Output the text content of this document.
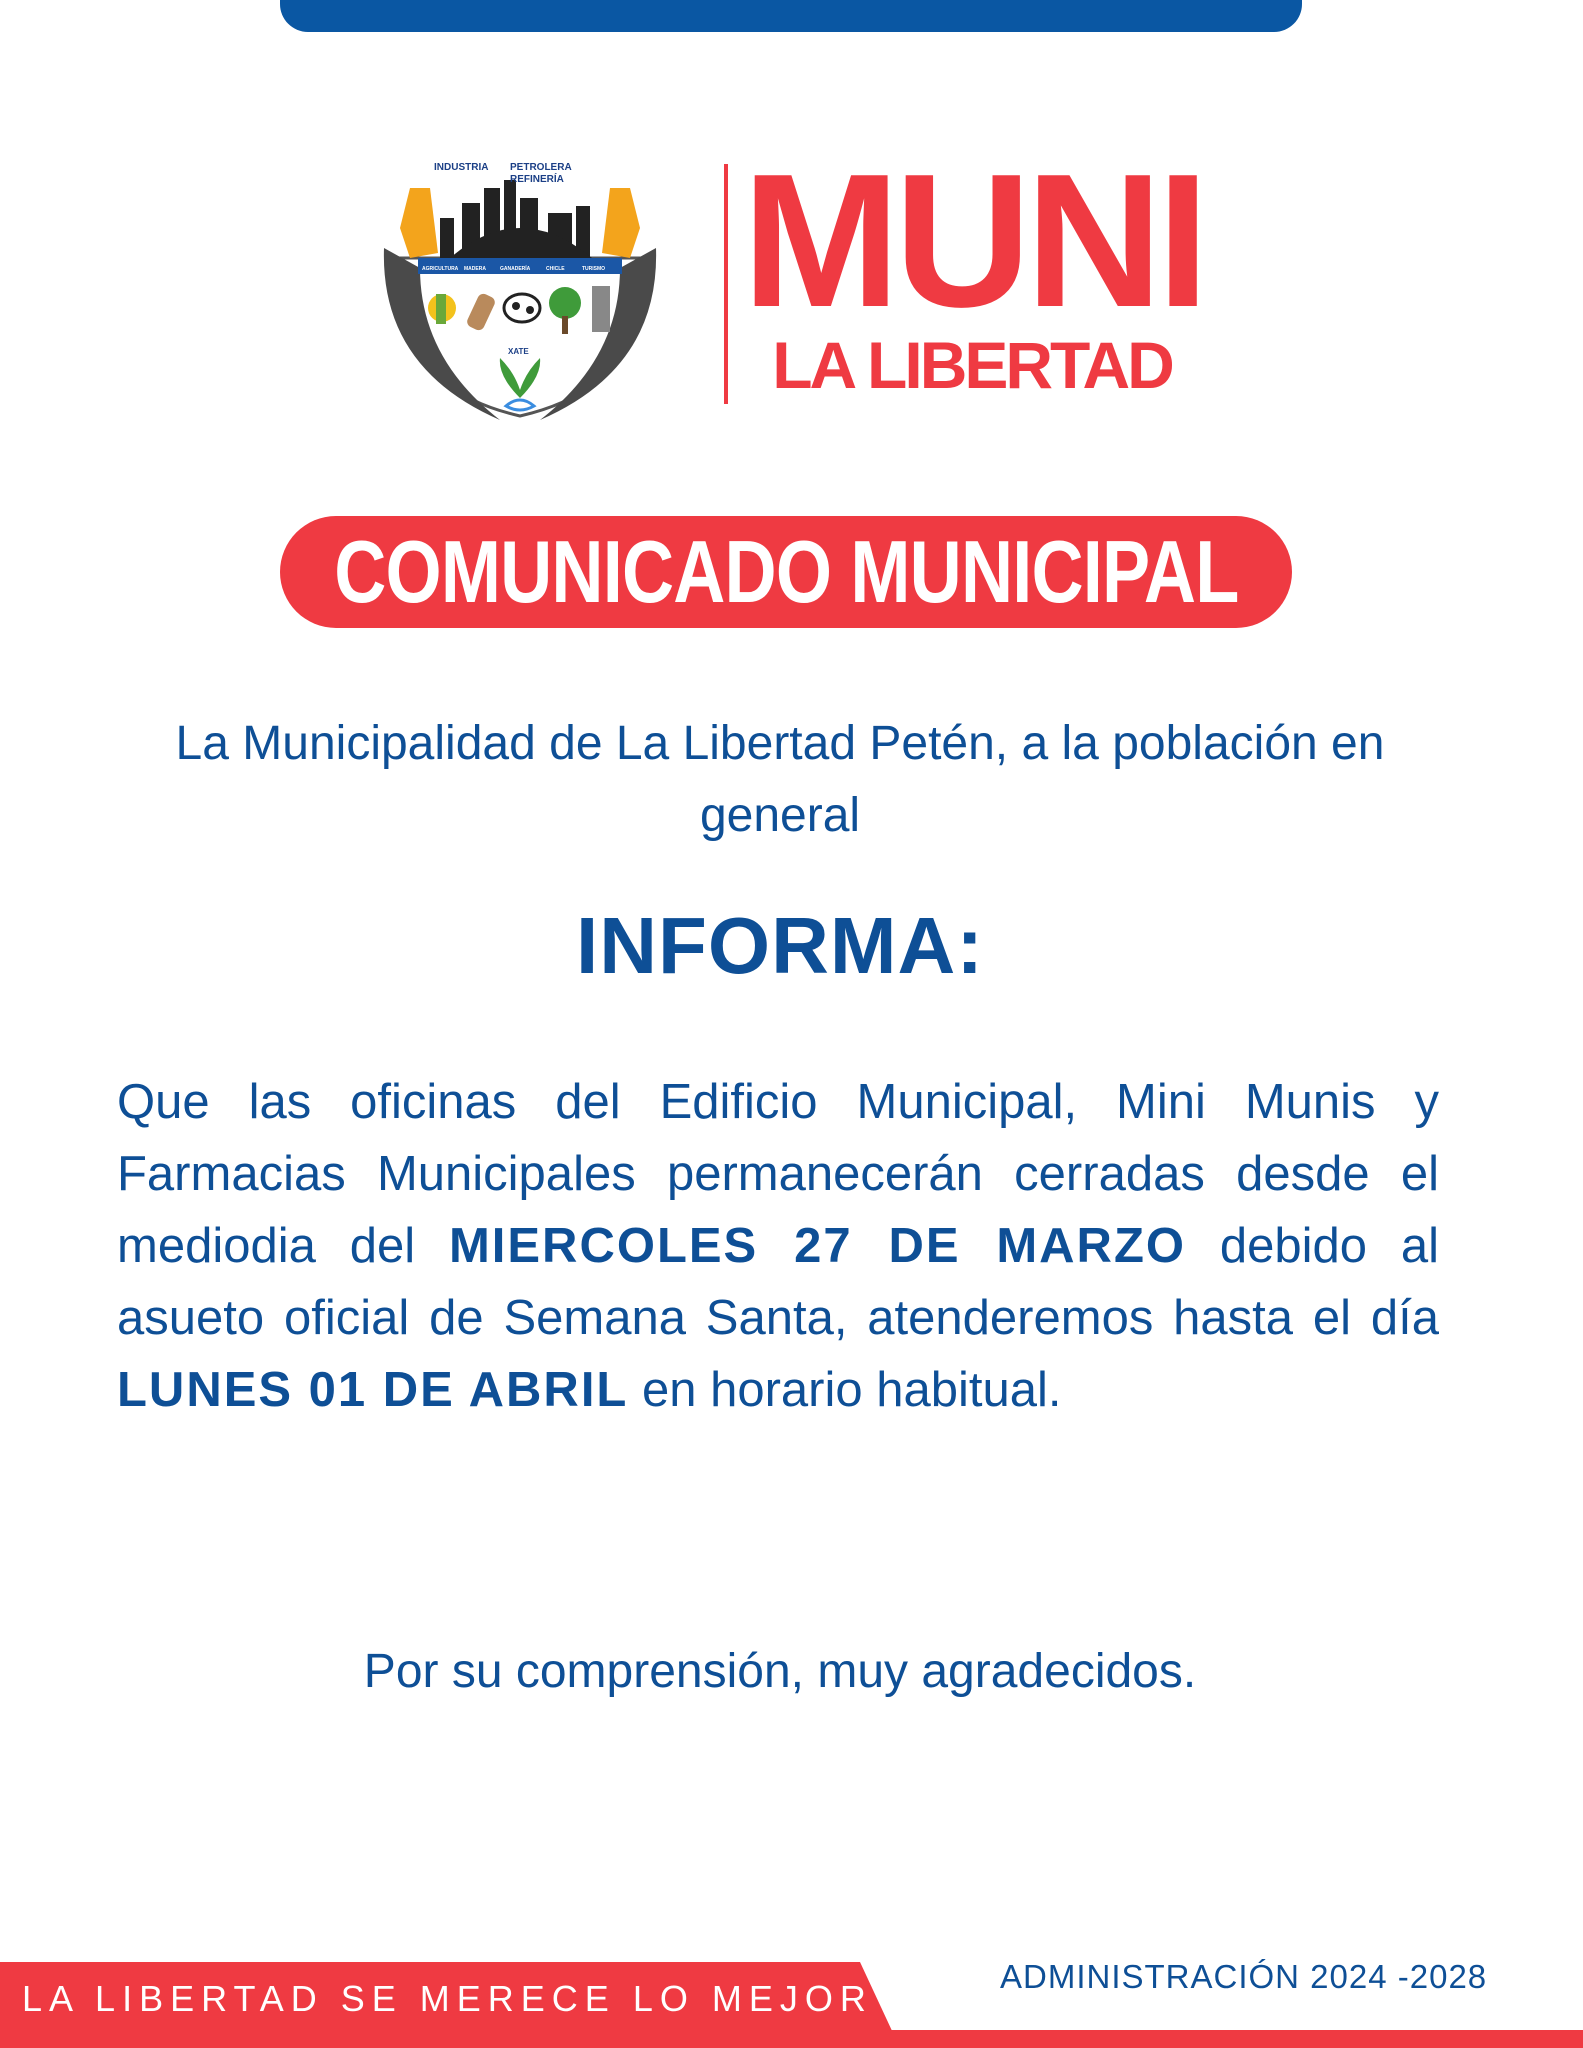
INDUSTRIA PETROLERA
REFINERÍA
AGRICULTURA MADERA	GANADERÍA	CHICLE	TURISMO
XATE
MUNI
LA LIBERTAD
COMUNICADO MUNICIPAL
La Municipalidad de La Libertad Petén, a la población en general
INFORMA:
Que las oficinas del Edificio Municipal, Mini Munis y Farmacias Municipales permanecerán cerradas desde el mediodia del MIERCOLES 27 DE MARZO debido al asueto oficial de Semana Santa, atenderemos hasta el día LUNES 01 DE ABRIL en horario habitual.
Por su comprensión, muy agradecidos.
LA LIBERTAD SE MERECE LO MEJOR
ADMINISTRACIÓN 2024 -2028
